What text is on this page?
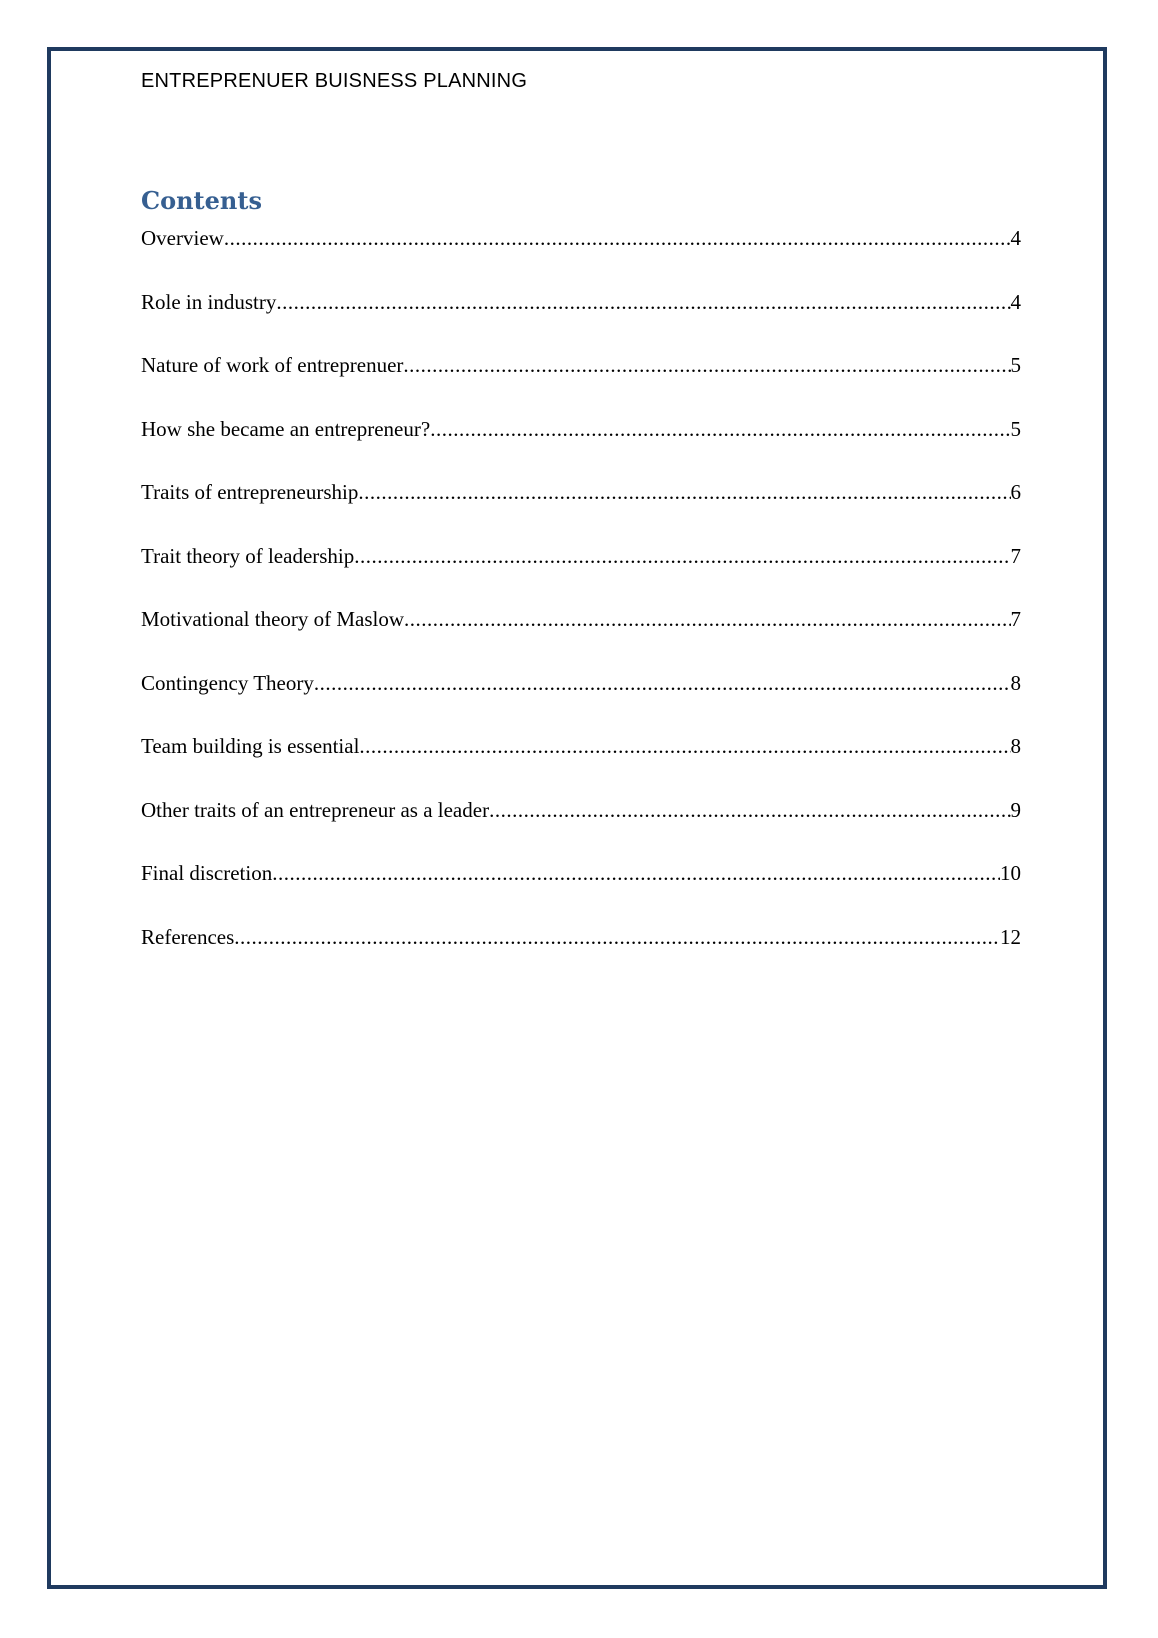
ENTREPRENUER BUISNESS PLANNING
Contents
Overview .....	4
Role in industry .....	4
Nature of work of entreprenuer .....	5
How she became an entrepreneur? .....	5
Traits of entrepreneurship .....	6
Trait theory of leadership .....	7
Motivational theory of Maslow .....	7
Contingency Theory .....	8
Team building is essential .....	8
Other traits of an entrepreneur as a leader .....	9
Final discretion .....	10
References .....	12
